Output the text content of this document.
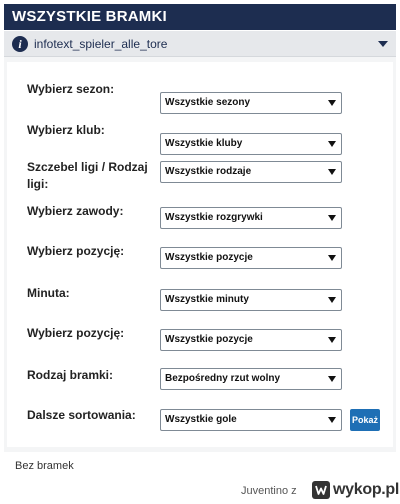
WSZYSTKIE BRAMKI
i	infotext_spieler_alle_tore
Wybierz sezon:
Wszystkie sezony
Wybierz klub:
Wszystkie kluby
Szczebel ligi / Rodzaj ligi:
Wszystkie rodzaje
Wybierz zawody:	Wszystkie rozgrywki
Wybierz pozycję:	Wszystkie pozycje
Minuta:	Wszystkie minuty
Wybierz pozycję:	Wszystkie pozycje
Rodzaj bramki:	Bezpośredny rzut wolny
Dalsze sortowania:	Wszystkie gole	Pokaż
Bez bramek
Juventino z wykop.pl
